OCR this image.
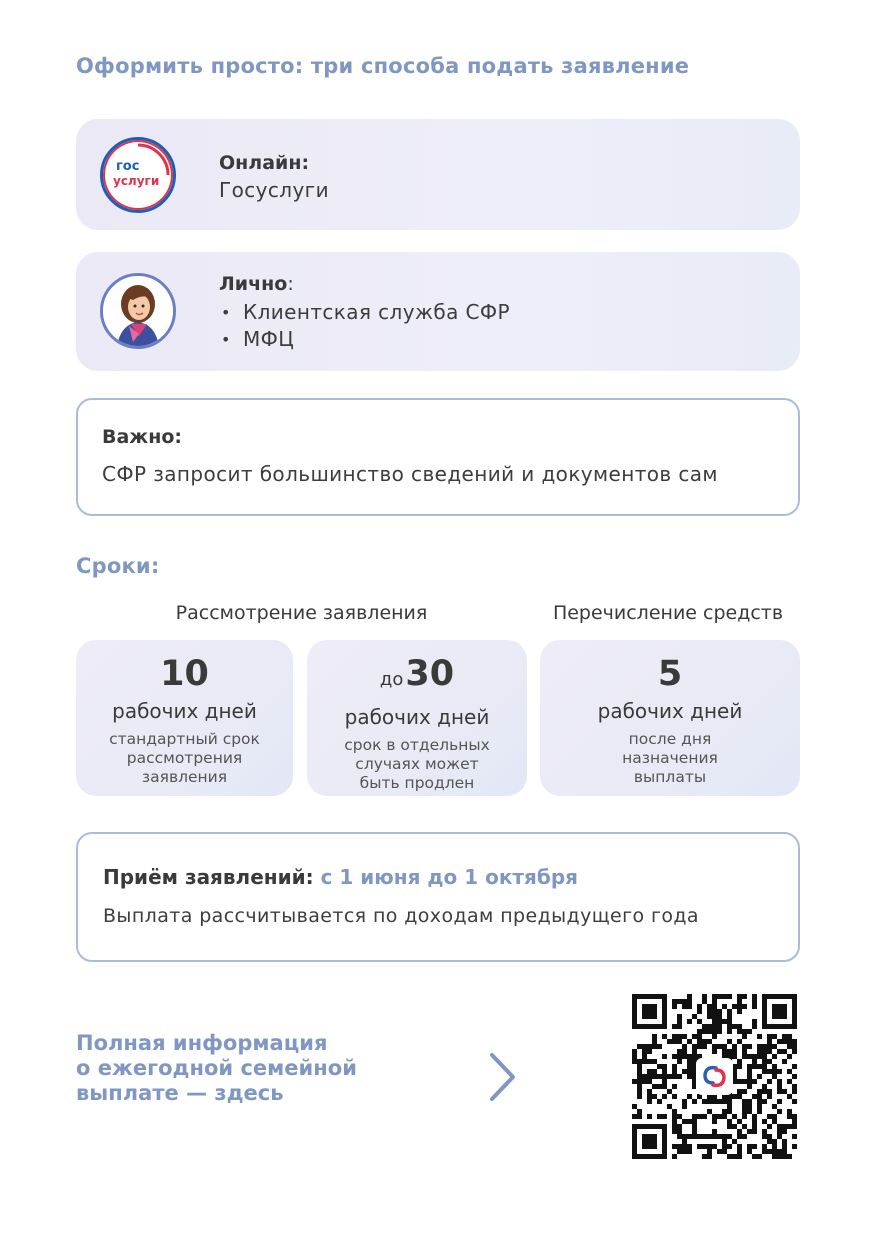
Оформить просто: три способа подать заявление
гос
услуги
Онлайн:
Госуслуги
Лично:
• Клиентская служба СФР
• МФЦ
Важно:
СФР запросит большинство сведений и документов сам
Сроки:
Рассмотрение заявления	Перечисление средств
10
рабочих дней
стандартный срок
рассмотрения
заявления
до30
рабочих дней
срок в отдельных
случаях может
быть продлен
5
рабочих дней
после дня
назначения
выплаты
Приём заявлений: с 1 июня до 1 октября
Выплата рассчитывается по доходам предыдущего года
Полная информация
о ежегодной семейной
выплате — здесь
